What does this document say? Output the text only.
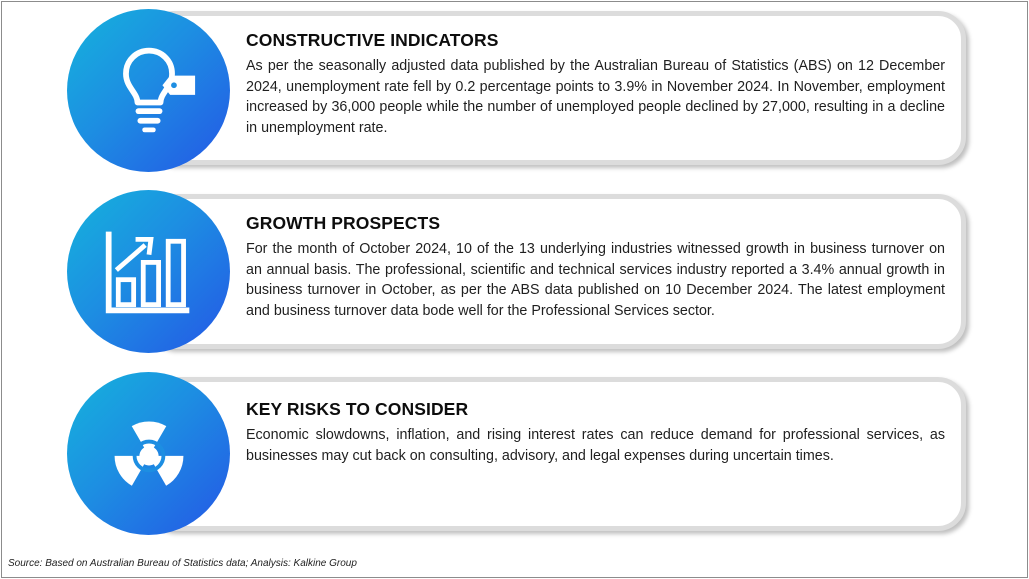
CONSTRUCTIVE INDICATORS
As per the seasonally adjusted data published by the Australian Bureau of Statistics (ABS) on 12 December 2024, unemployment rate fell by 0.2 percentage points to 3.9% in November 2024. In November, employment increased by 36,000 people while the number of unemployed people declined by 27,000, resulting in a decline in unemployment rate.
GROWTH PROSPECTS
For the month of October 2024, 10 of the 13 underlying industries witnessed growth in business turnover on an annual basis. The professional, scientific and technical services industry reported a 3.4% annual growth in business turnover in October, as per the ABS data published on 10 December 2024. The latest employment and business turnover data bode well for the Professional Services sector.
KEY RISKS TO CONSIDER
Economic slowdowns, inflation, and rising interest rates can reduce demand for professional services, as businesses may cut back on consulting, advisory, and legal expenses during uncertain times.
Source: Based on Australian Bureau of Statistics data; Analysis: Kalkine Group
